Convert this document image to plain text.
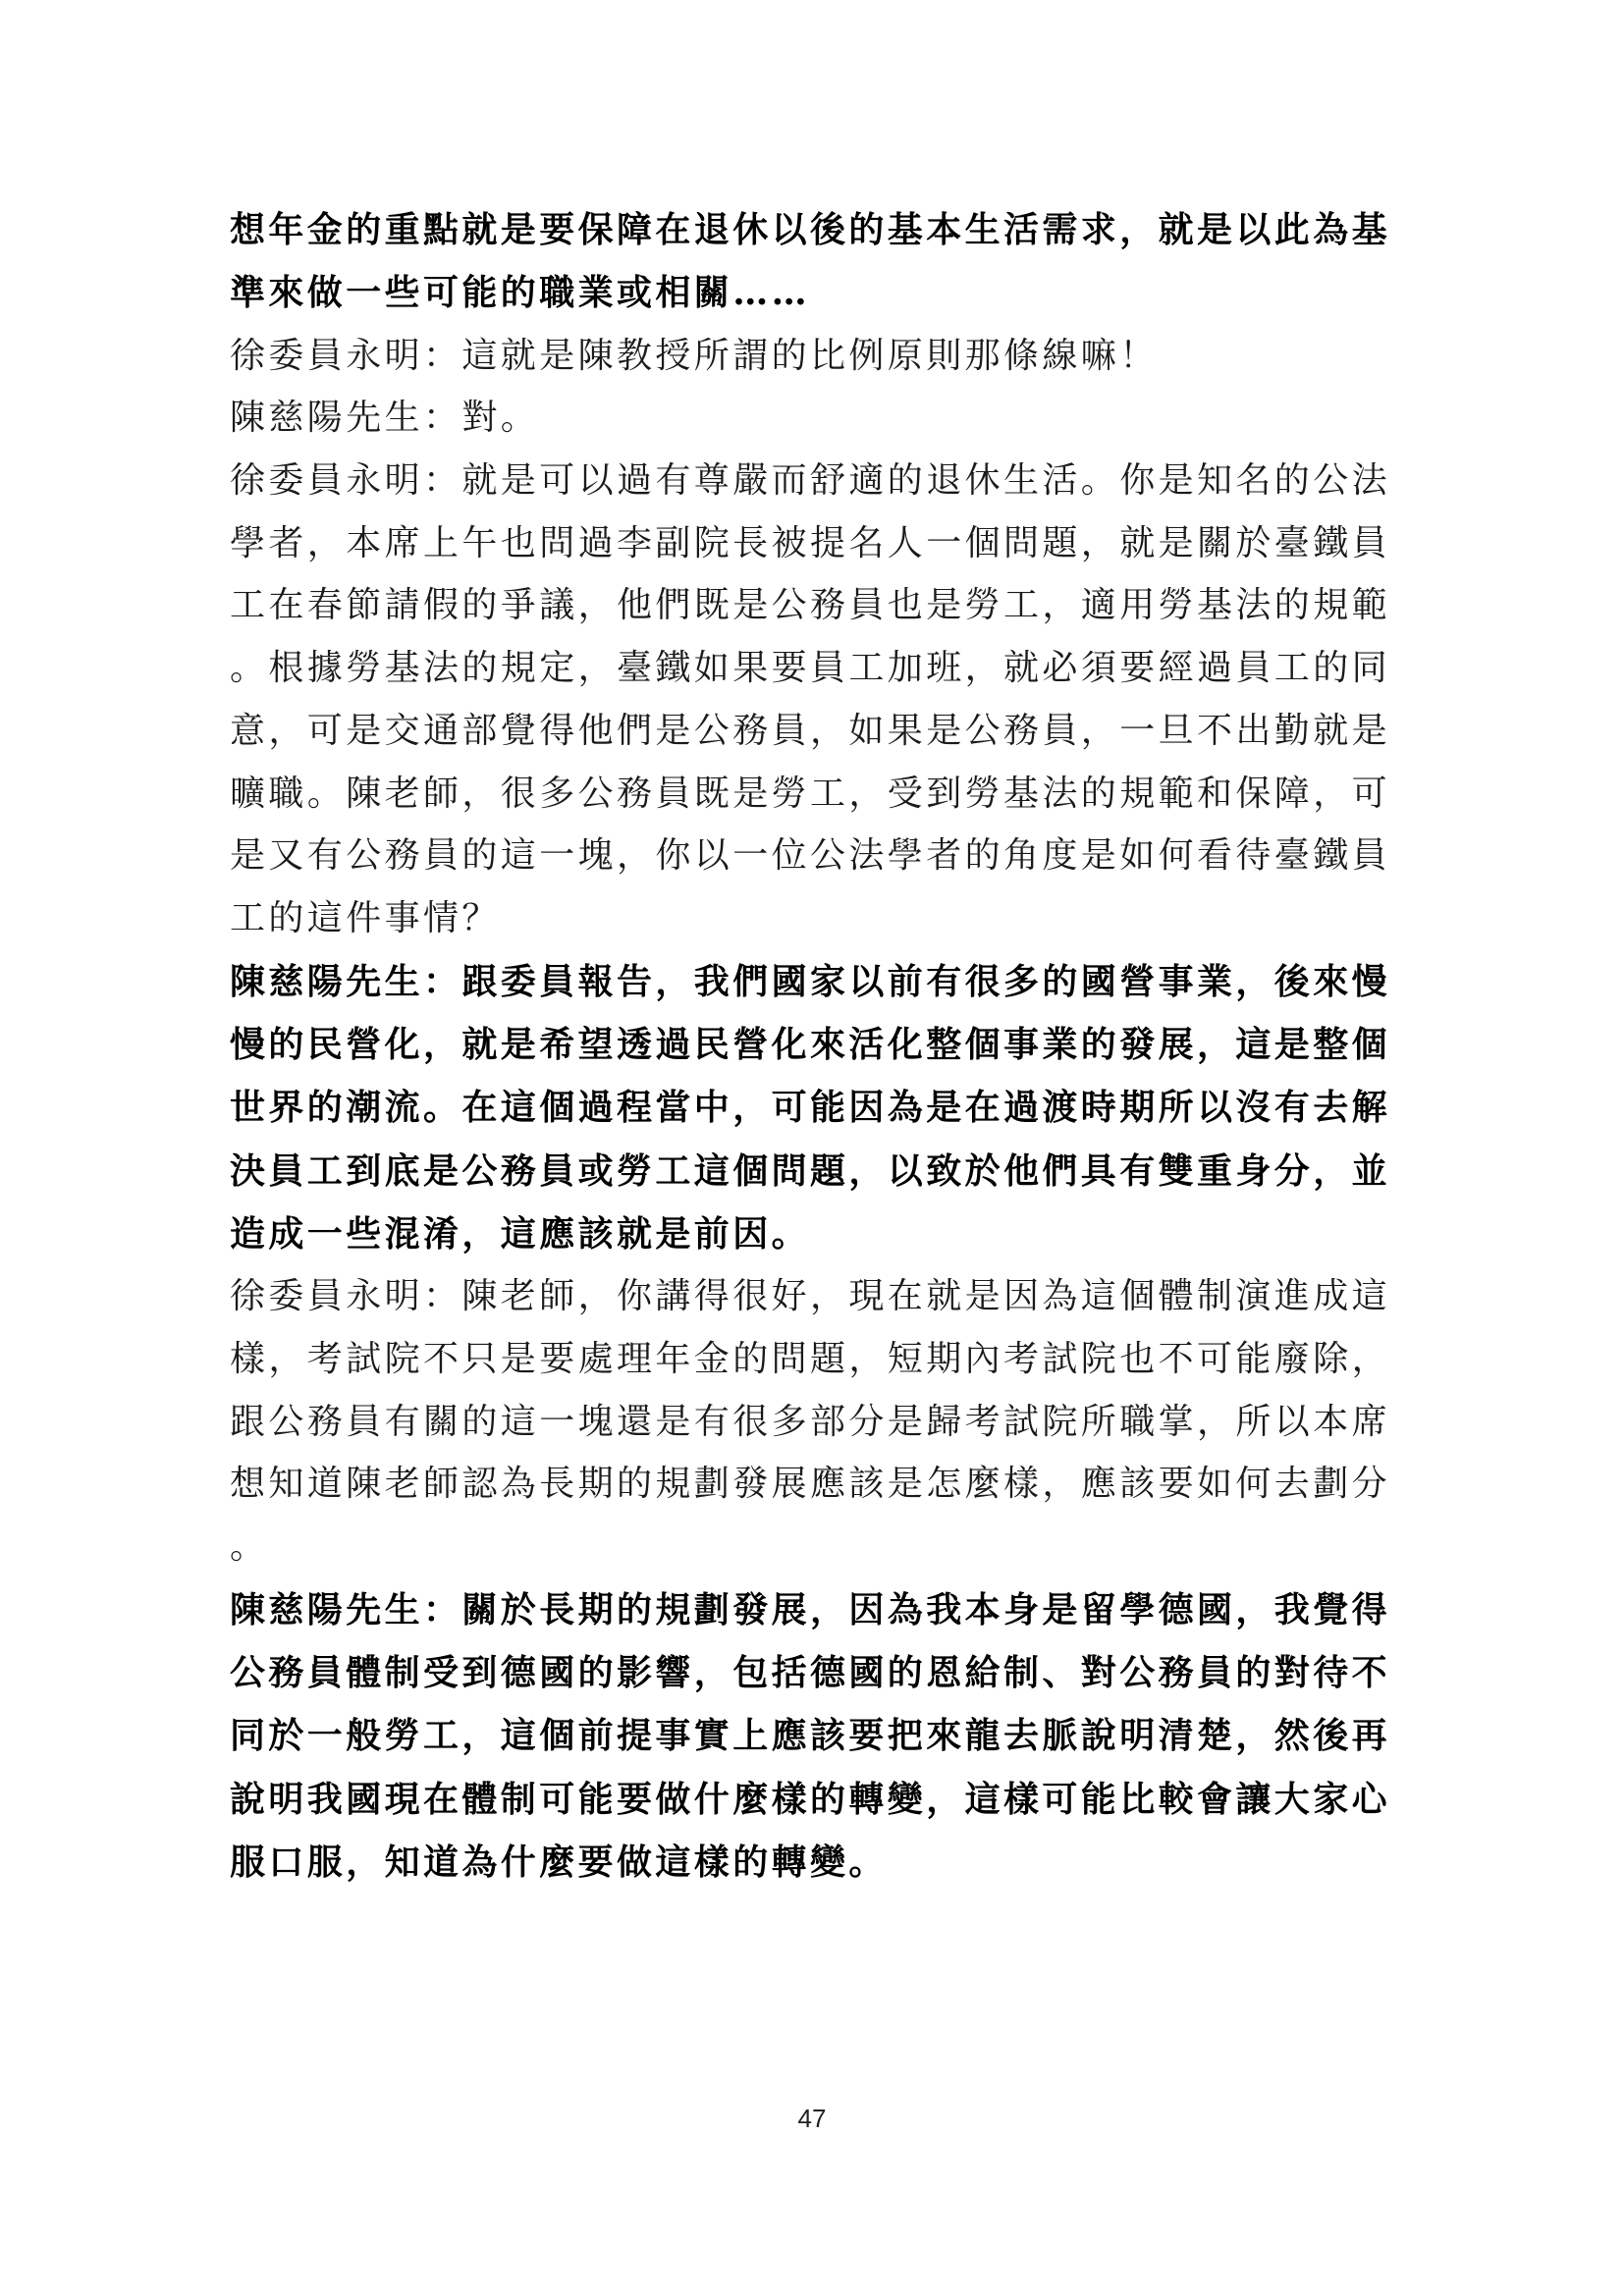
想年金的重點就是要保障在退休以後的基本生活需求，就是以此為基
準來做一些可能的職業或相關……

徐委員永明：這就是陳教授所謂的比例原則那條線嘛！

陳慈陽先生：對。

徐委員永明：就是可以過有尊嚴而舒適的退休生活。你是知名的公法
學者，本席上午也問過李副院長被提名人一個問題，就是關於臺鐵員
工在春節請假的爭議，他們既是公務員也是勞工，適用勞基法的規範
。根據勞基法的規定，臺鐵如果要員工加班，就必須要經過員工的同
意，可是交通部覺得他們是公務員，如果是公務員，一旦不出勤就是
曠職。陳老師，很多公務員既是勞工，受到勞基法的規範和保障，可
是又有公務員的這一塊，你以一位公法學者的角度是如何看待臺鐵員
工的這件事情？

陳慈陽先生：跟委員報告，我們國家以前有很多的國營事業，後來慢
慢的民營化，就是希望透過民營化來活化整個事業的發展，這是整個
世界的潮流。在這個過程當中，可能因為是在過渡時期所以沒有去解
決員工到底是公務員或勞工這個問題，以致於他們具有雙重身分，並
造成一些混淆，這應該就是前因。

徐委員永明：陳老師，你講得很好，現在就是因為這個體制演進成這
樣，考試院不只是要處理年金的問題，短期內考試院也不可能廢除，
跟公務員有關的這一塊還是有很多部分是歸考試院所職掌，所以本席
想知道陳老師認為長期的規劃發展應該是怎麼樣，應該要如何去劃分
。

陳慈陽先生：關於長期的規劃發展，因為我本身是留學德國，我覺得
公務員體制受到德國的影響，包括德國的恩給制、對公務員的對待不
同於一般勞工，這個前提事實上應該要把來龍去脈說明清楚，然後再
說明我國現在體制可能要做什麼樣的轉變，這樣可能比較會讓大家心
服口服，知道為什麼要做這樣的轉變。

47
